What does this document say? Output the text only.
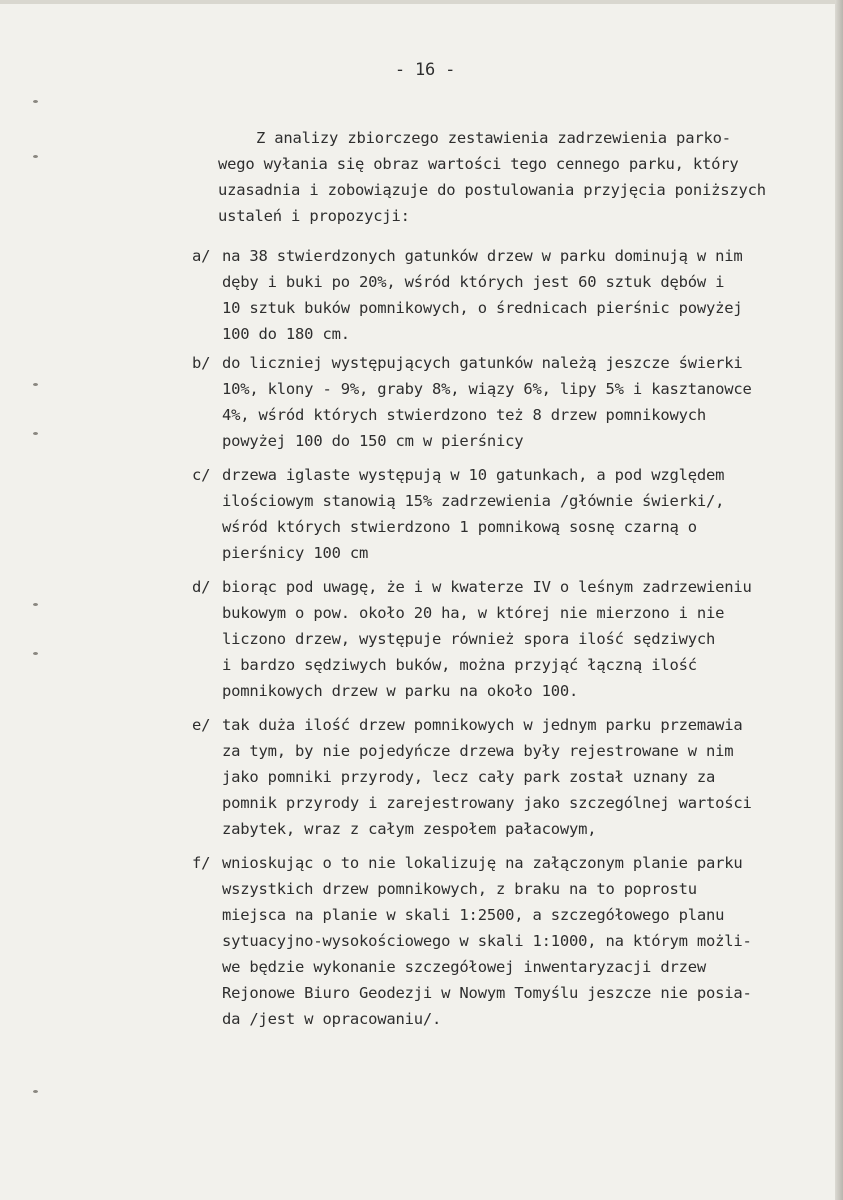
- 16 -
Z analizy zbiorczego zestawienia zadrzewienia parko-
wego wyłania się obraz wartości tego cennego parku, który
uzasadnia i zobowiązuje do postulowania przyjęcia poniższych
ustaleń i propozycji:
a/ na 38 stwierdzonych gatunków drzew w parku dominują w nim
dęby i buki po 20%, wśród których jest 60 sztuk dębów i
10 sztuk buków pomnikowych, o średnicach pierśnic powyżej
100 do 180 cm.
b/ do liczniej występujących gatunków należą jeszcze świerki
10%, klony - 9%, graby 8%, wiązy 6%, lipy 5% i kasztanowce
4%, wśród których stwierdzono też 8 drzew pomnikowych
powyżej 100 do 150 cm w pierśnicy
c/ drzewa iglaste występują w 10 gatunkach, a pod względem
ilościowym stanowią 15% zadrzewienia /głównie świerki/,
wśród których stwierdzono 1 pomnikową sosnę czarną o
pierśnicy 100 cm
d/ biorąc pod uwagę, że i w kwaterze IV o leśnym zadrzewieniu
bukowym o pow. około 20 ha, w której nie mierzono i nie
liczono drzew, występuje również spora ilość sędziwych
i bardzo sędziwych buków, można przyjąć łączną ilość
pomnikowych drzew w parku na około 100.
e/ tak duża ilość drzew pomnikowych w jednym parku przemawia
za tym, by nie pojedyńcze drzewa były rejestrowane w nim
jako pomniki przyrody, lecz cały park został uznany za
pomnik przyrody i zarejestrowany jako szczególnej wartości
zabytek, wraz z całym zespołem pałacowym,
f/ wnioskując o to nie lokalizuję na załączonym planie parku
wszystkich drzew pomnikowych, z braku na to poprostu
miejsca na planie w skali 1:2500, a szczegółowego planu
sytuacyjno-wysokościowego w skali 1:1000, na którym możli-
we będzie wykonanie szczegółowej inwentaryzacji drzew
Rejonowe Biuro Geodezji w Nowym Tomyślu jeszcze nie posia-
da /jest w opracowaniu/.
